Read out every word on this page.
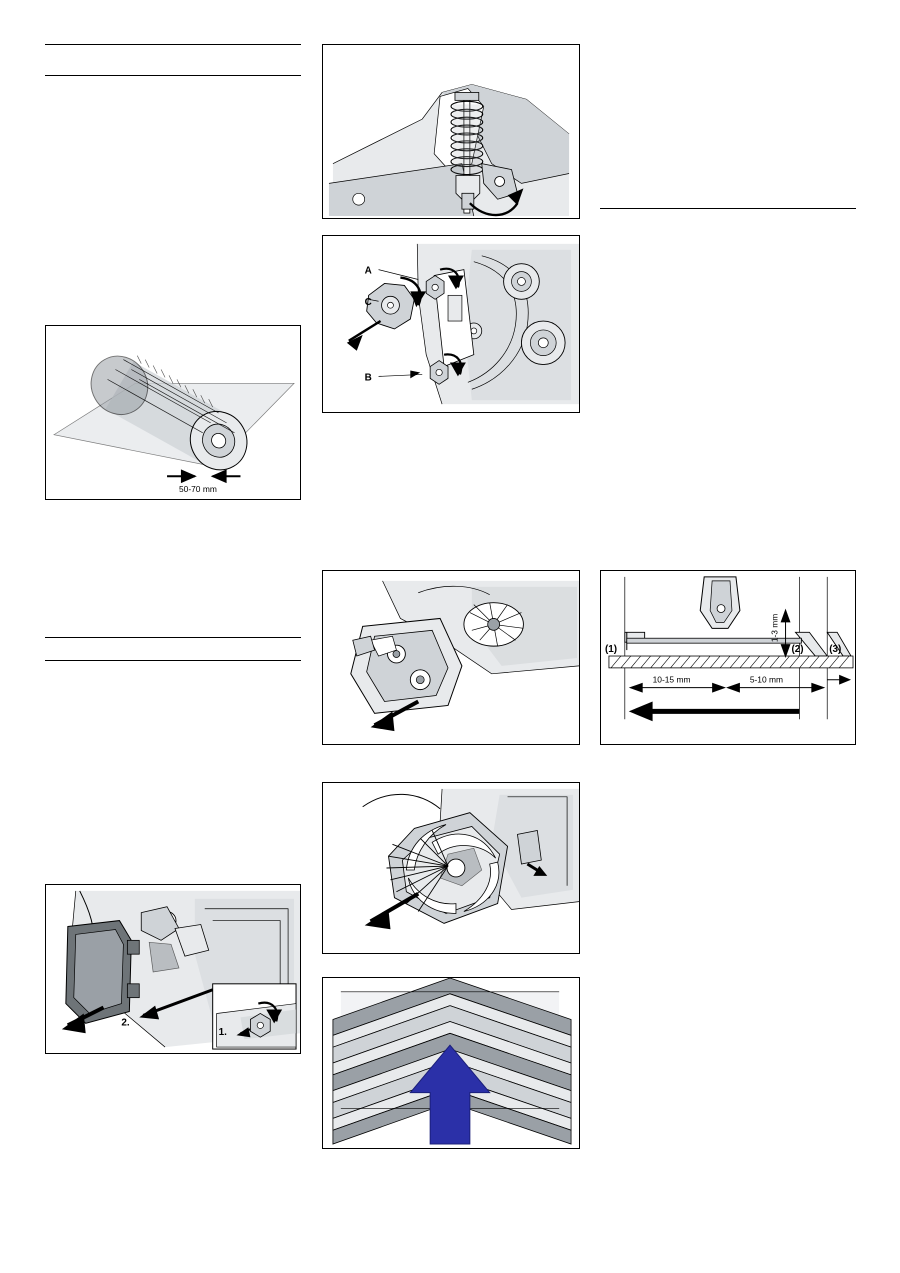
A
C
B
50-70 mm
1-3 mm
10-15 mm	5-10 mm
(1)	(2)	(3)
1.
2.
